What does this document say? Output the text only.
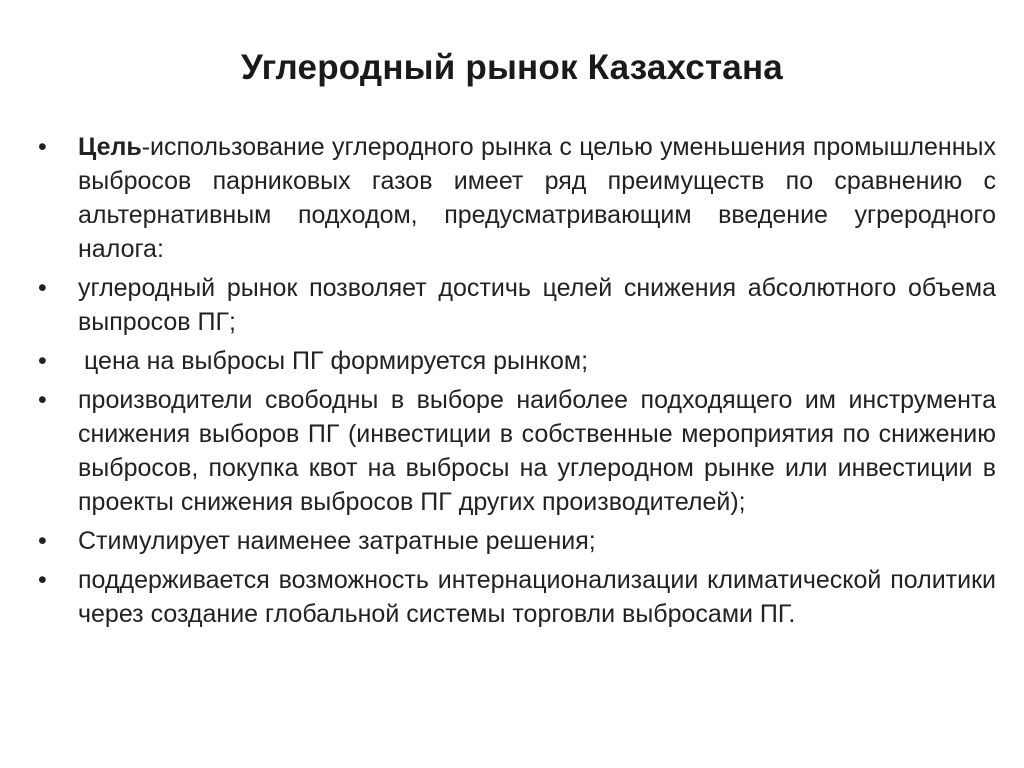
Углеродный рынок Казахстана
•	Цель-использование углеродного рынка с целью уменьшения промышленных выбросов парниковых газов имеет ряд преимуществ по сравнению с альтернативным подходом, предусматривающим введение угреродного налога:
•	углеродный рынок позволяет достичь целей снижения абсолютного объема выпросов ПГ;
•	цена на выбросы ПГ формируется рынком;
•	производители свободны в выборе наиболее подходящего им инструмента снижения выборов ПГ (инвестиции в собственные мероприятия по снижению выбросов, покупка квот на выбросы на углеродном рынке или инвестиции в проекты снижения выбросов ПГ других производителей);
•	Стимулирует наименее затратные решения;
•	поддерживается возможность интернационализации климатической политики через создание глобальной системы торговли выбросами ПГ.
